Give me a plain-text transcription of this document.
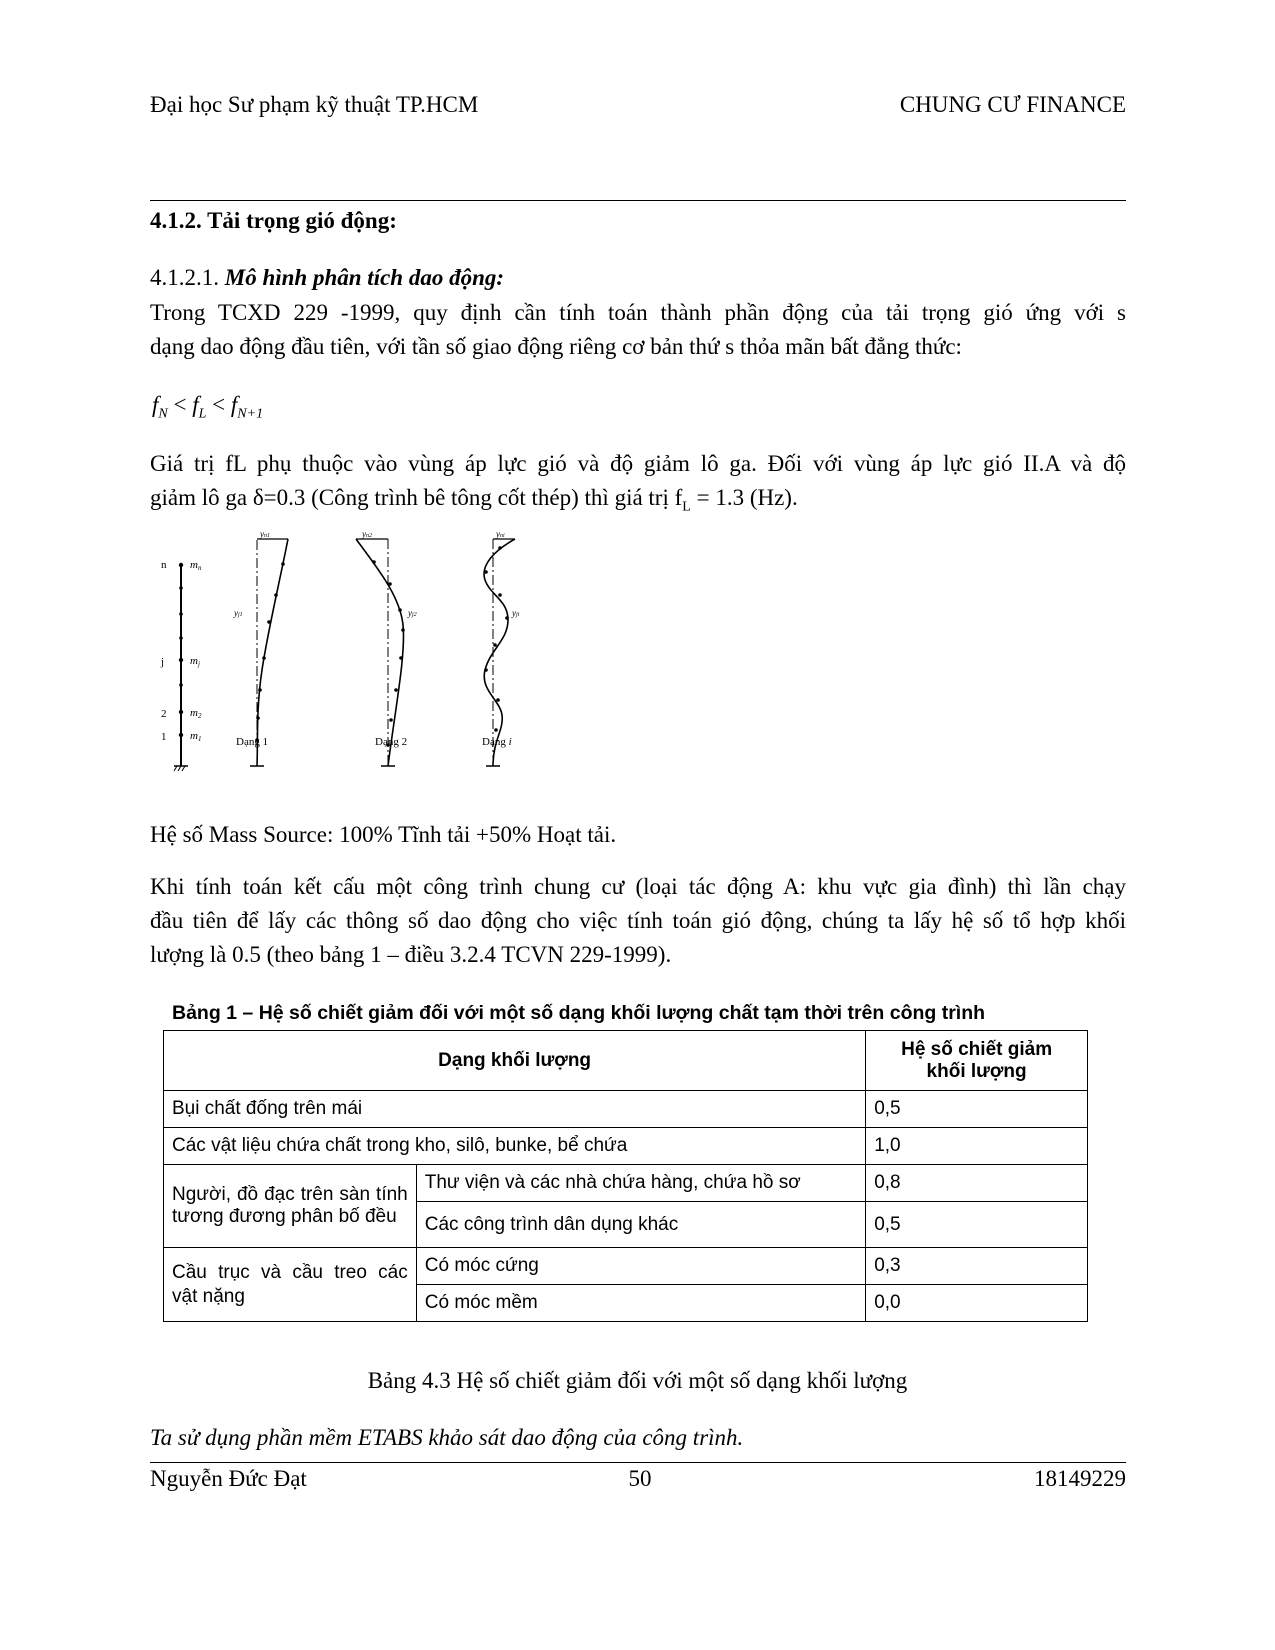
Đại học Sư phạm kỹ thuật TP.HCM	CHUNG CƯ FINANCE
4.1.2. Tải trọng gió động:
4.1.2.1. Mô hình phân tích dao động:
Trong TCXD 229 -1999, quy định cần tính toán thành phần động của tải trọng gió ứng với s
dạng dao động đầu tiên, với tần số giao động riêng cơ bản thứ s thỏa mãn bất đẳng thức:
$f_N < f_L < f_{N+1}$
Giá trị fL phụ thuộc vào vùng áp lực gió và độ giảm lô ga. Đối với vùng áp lực gió II.A và độ
giảm lô ga δ=0.3 (Công trình bê tông cốt thép) thì giá trị $f_L = 1.3$ (Hz).
n
j
2
1
mn
mj
m2
m1
yn1
yj1
Dạng 1
yn2
yj2
Dạng 2
yni
yji
Dạng i
Hệ số Mass Source: 100% Tĩnh tải +50% Hoạt tải.
Khi tính toán kết cấu một công trình chung cư (loại tác động A: khu vực gia đình) thì lần chạy
đầu tiên để lấy các thông số dao động cho việc tính toán gió động, chúng ta lấy hệ số tổ hợp khối
lượng là 0.5 (theo bảng 1 – điều 3.2.4 TCVN 229-1999).
Bảng 1 – Hệ số chiết giảm đối với một số dạng khối lượng chất tạm thời trên công trình
Dạng khối lượng		Hệ số chiết giảm
khối lượng

Bụi chất đống trên mái		0,5
Các vật liệu chứa chất trong kho, silô, bunke, bể chứa		1,0
Người, đồ đạc trên sàn tính tương đương phân bố đều	Thư viện và các nhà chứa hàng, chứa hồ sơ	0,8
	Các công trình dân dụng khác	0,5
Cầu trục và cầu treo các vật nặng	Có móc cứng	0,3
	Có móc mềm	0,0
Bảng 4.3 Hệ số chiết giảm đối với một số dạng khối lượng
Ta sử dụng phần mềm ETABS khảo sát dao động của công trình.
Nguyễn Đức Đạt	50	18149229
